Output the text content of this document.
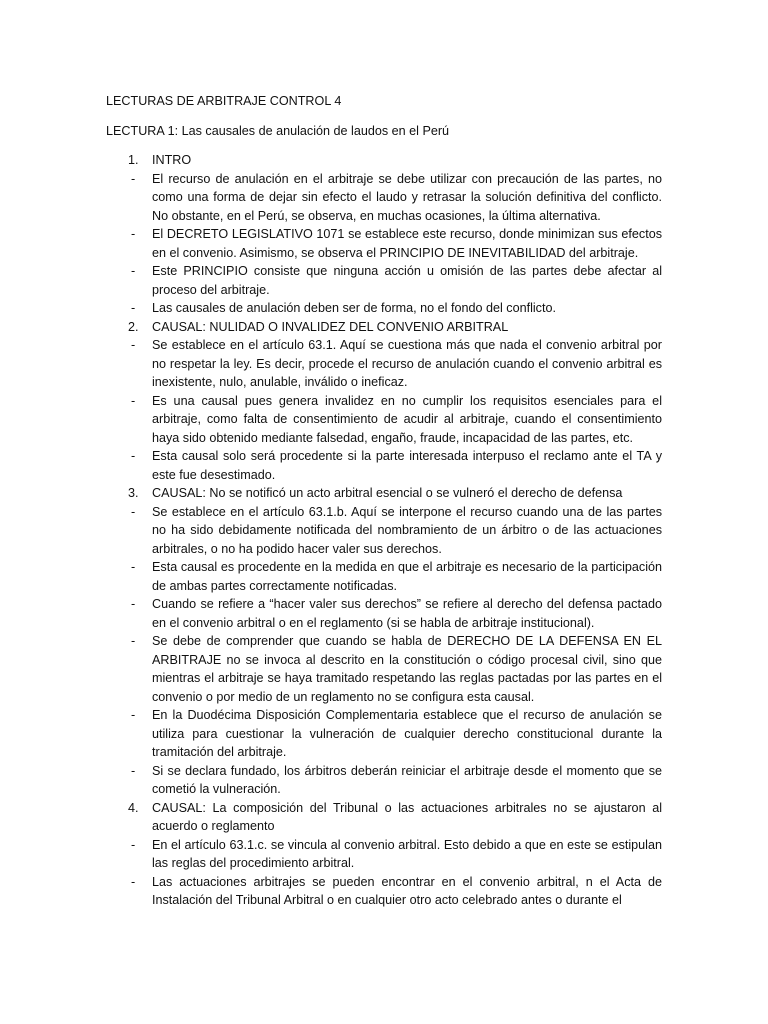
LECTURAS DE ARBITRAJE CONTROL 4
LECTURA 1: Las causales de anulación de laudos en el Perú
1.	INTRO
-	El recurso de anulación en el arbitraje se debe utilizar con precaución de las partes, no como una forma de dejar sin efecto el laudo y retrasar la solución definitiva del conflicto. No obstante, en el Perú, se observa, en muchas ocasiones, la última alternativa.
-	El DECRETO LEGISLATIVO 1071 se establece este recurso, donde minimizan sus efectos en el convenio. Asimismo, se observa el PRINCIPIO DE INEVITABILIDAD del arbitraje.
-	Este PRINCIPIO consiste que ninguna acción u omisión de las partes debe afectar al proceso del arbitraje.
-	Las causales de anulación deben ser de forma, no el fondo del conflicto.
2.	CAUSAL: NULIDAD O INVALIDEZ DEL CONVENIO ARBITRAL
-	Se establece en el artículo 63.1. Aquí se cuestiona más que nada el convenio arbitral por no respetar la ley. Es decir, procede el recurso de anulación cuando el convenio arbitral es inexistente, nulo, anulable, inválido o ineficaz.
-	Es una causal pues genera invalidez en no cumplir los requisitos esenciales para el arbitraje, como falta de consentimiento de acudir al arbitraje, cuando el consentimiento haya sido obtenido mediante falsedad, engaño, fraude, incapacidad de las partes, etc.
-	Esta causal solo será procedente si la parte interesada interpuso el reclamo ante el TA y este fue desestimado.
3.	CAUSAL: No se notificó un acto arbitral esencial o se vulneró el derecho de defensa
-	Se establece en el artículo 63.1.b. Aquí se interpone el recurso cuando una de las partes no ha sido debidamente notificada del nombramiento de un árbitro o de las actuaciones arbitrales, o no ha podido hacer valer sus derechos.
-	Esta causal es procedente en la medida en que el arbitraje es necesario de la participación de ambas partes correctamente notificadas.
-	Cuando se refiere a “hacer valer sus derechos” se refiere al derecho del defensa pactado en el convenio arbitral o en el reglamento (si se habla de arbitraje institucional).
-	Se debe de comprender que cuando se habla de DERECHO DE LA DEFENSA EN EL ARBITRAJE no se invoca al descrito en la constitución o código procesal civil, sino que mientras el arbitraje se haya tramitado respetando las reglas pactadas por las partes en el convenio o por medio de un reglamento no se configura esta causal.
-	En la Duodécima Disposición Complementaria establece que el recurso de anulación se utiliza para cuestionar la vulneración de cualquier derecho constitucional durante la tramitación del arbitraje.
-	Si se declara fundado, los árbitros deberán reiniciar el arbitraje desde el momento que se cometió la vulneración.
4.	CAUSAL: La composición del Tribunal o las actuaciones arbitrales no se ajustaron al acuerdo o reglamento
-	En el artículo 63.1.c. se vincula al convenio arbitral. Esto debido a que en este se estipulan las reglas del procedimiento arbitral.
-	Las actuaciones arbitrajes se pueden encontrar en el convenio arbitral, n el Acta de Instalación del Tribunal Arbitral o en cualquier otro acto celebrado antes o durante el
